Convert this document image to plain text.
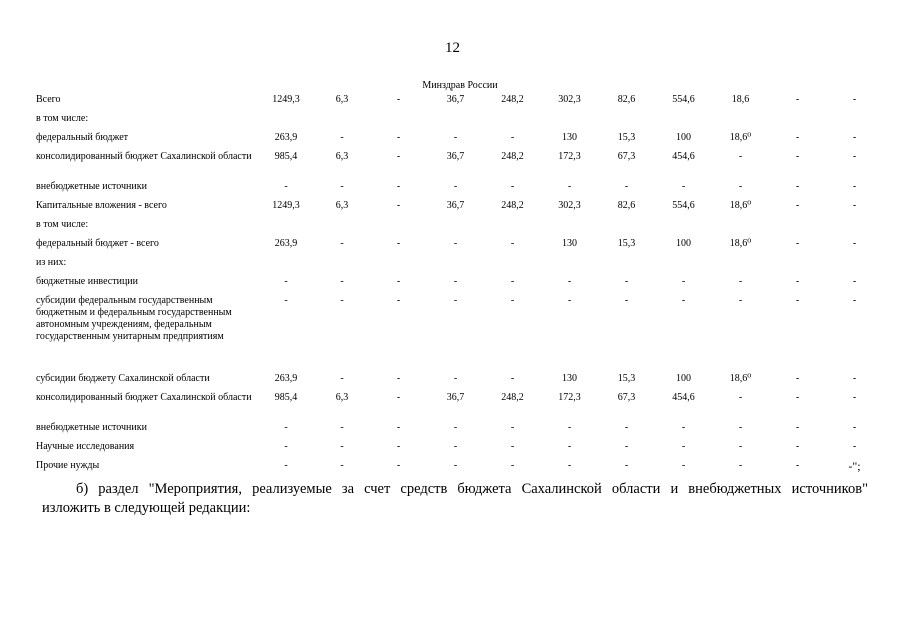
12
Минздрав России
Всего	1249,3	6,3	-	36,7	248,2	302,3	82,6	554,6	18,6	-	-
в том числе:											
федеральный бюджет	263,9	-	-	-	-	130	15,3	100	18,6⁰	-	-
консолидированный бюджет Сахалинской области	985,4	6,3	-	36,7	248,2	172,3	67,3	454,6	-	-	-
внебюджетные источники	-	-	-	-	-	-	-	-	-	-	-
Капитальные вложения - всего	1249,3	6,3	-	36,7	248,2	302,3	82,6	554,6	18,6⁰	-	-
в том числе:											
федеральный бюджет - всего	263,9	-	-	-	-	130	15,3	100	18,6⁰	-	-
из них:											
бюджетные инвестиции	-	-	-	-	-	-	-	-	-	-	-
субсидии федеральным государственным бюджетным и федеральным государственным автономным учреждениям, федеральным государственным унитарным предприятиям	-	-	-	-	-	-	-	-	-	-	-
субсидии бюджету Сахалинской области	263,9	-	-	-	-	130	15,3	100	18,6⁰	-	-
консолидированный бюджет Сахалинской области	985,4	6,3	-	36,7	248,2	172,3	67,3	454,6	-	-	-
внебюджетные источники	-	-	-	-	-	-	-	-	-	-	-
Научные исследования	-	-	-	-	-	-	-	-	-	-	-
Прочие нужды	-	-	-	-	-	-	-	-	-	-	-";
б) раздел "Мероприятия, реализуемые за счет средств бюджета Сахалинской области и внебюджетных источников"
изложить в следующей редакции:
